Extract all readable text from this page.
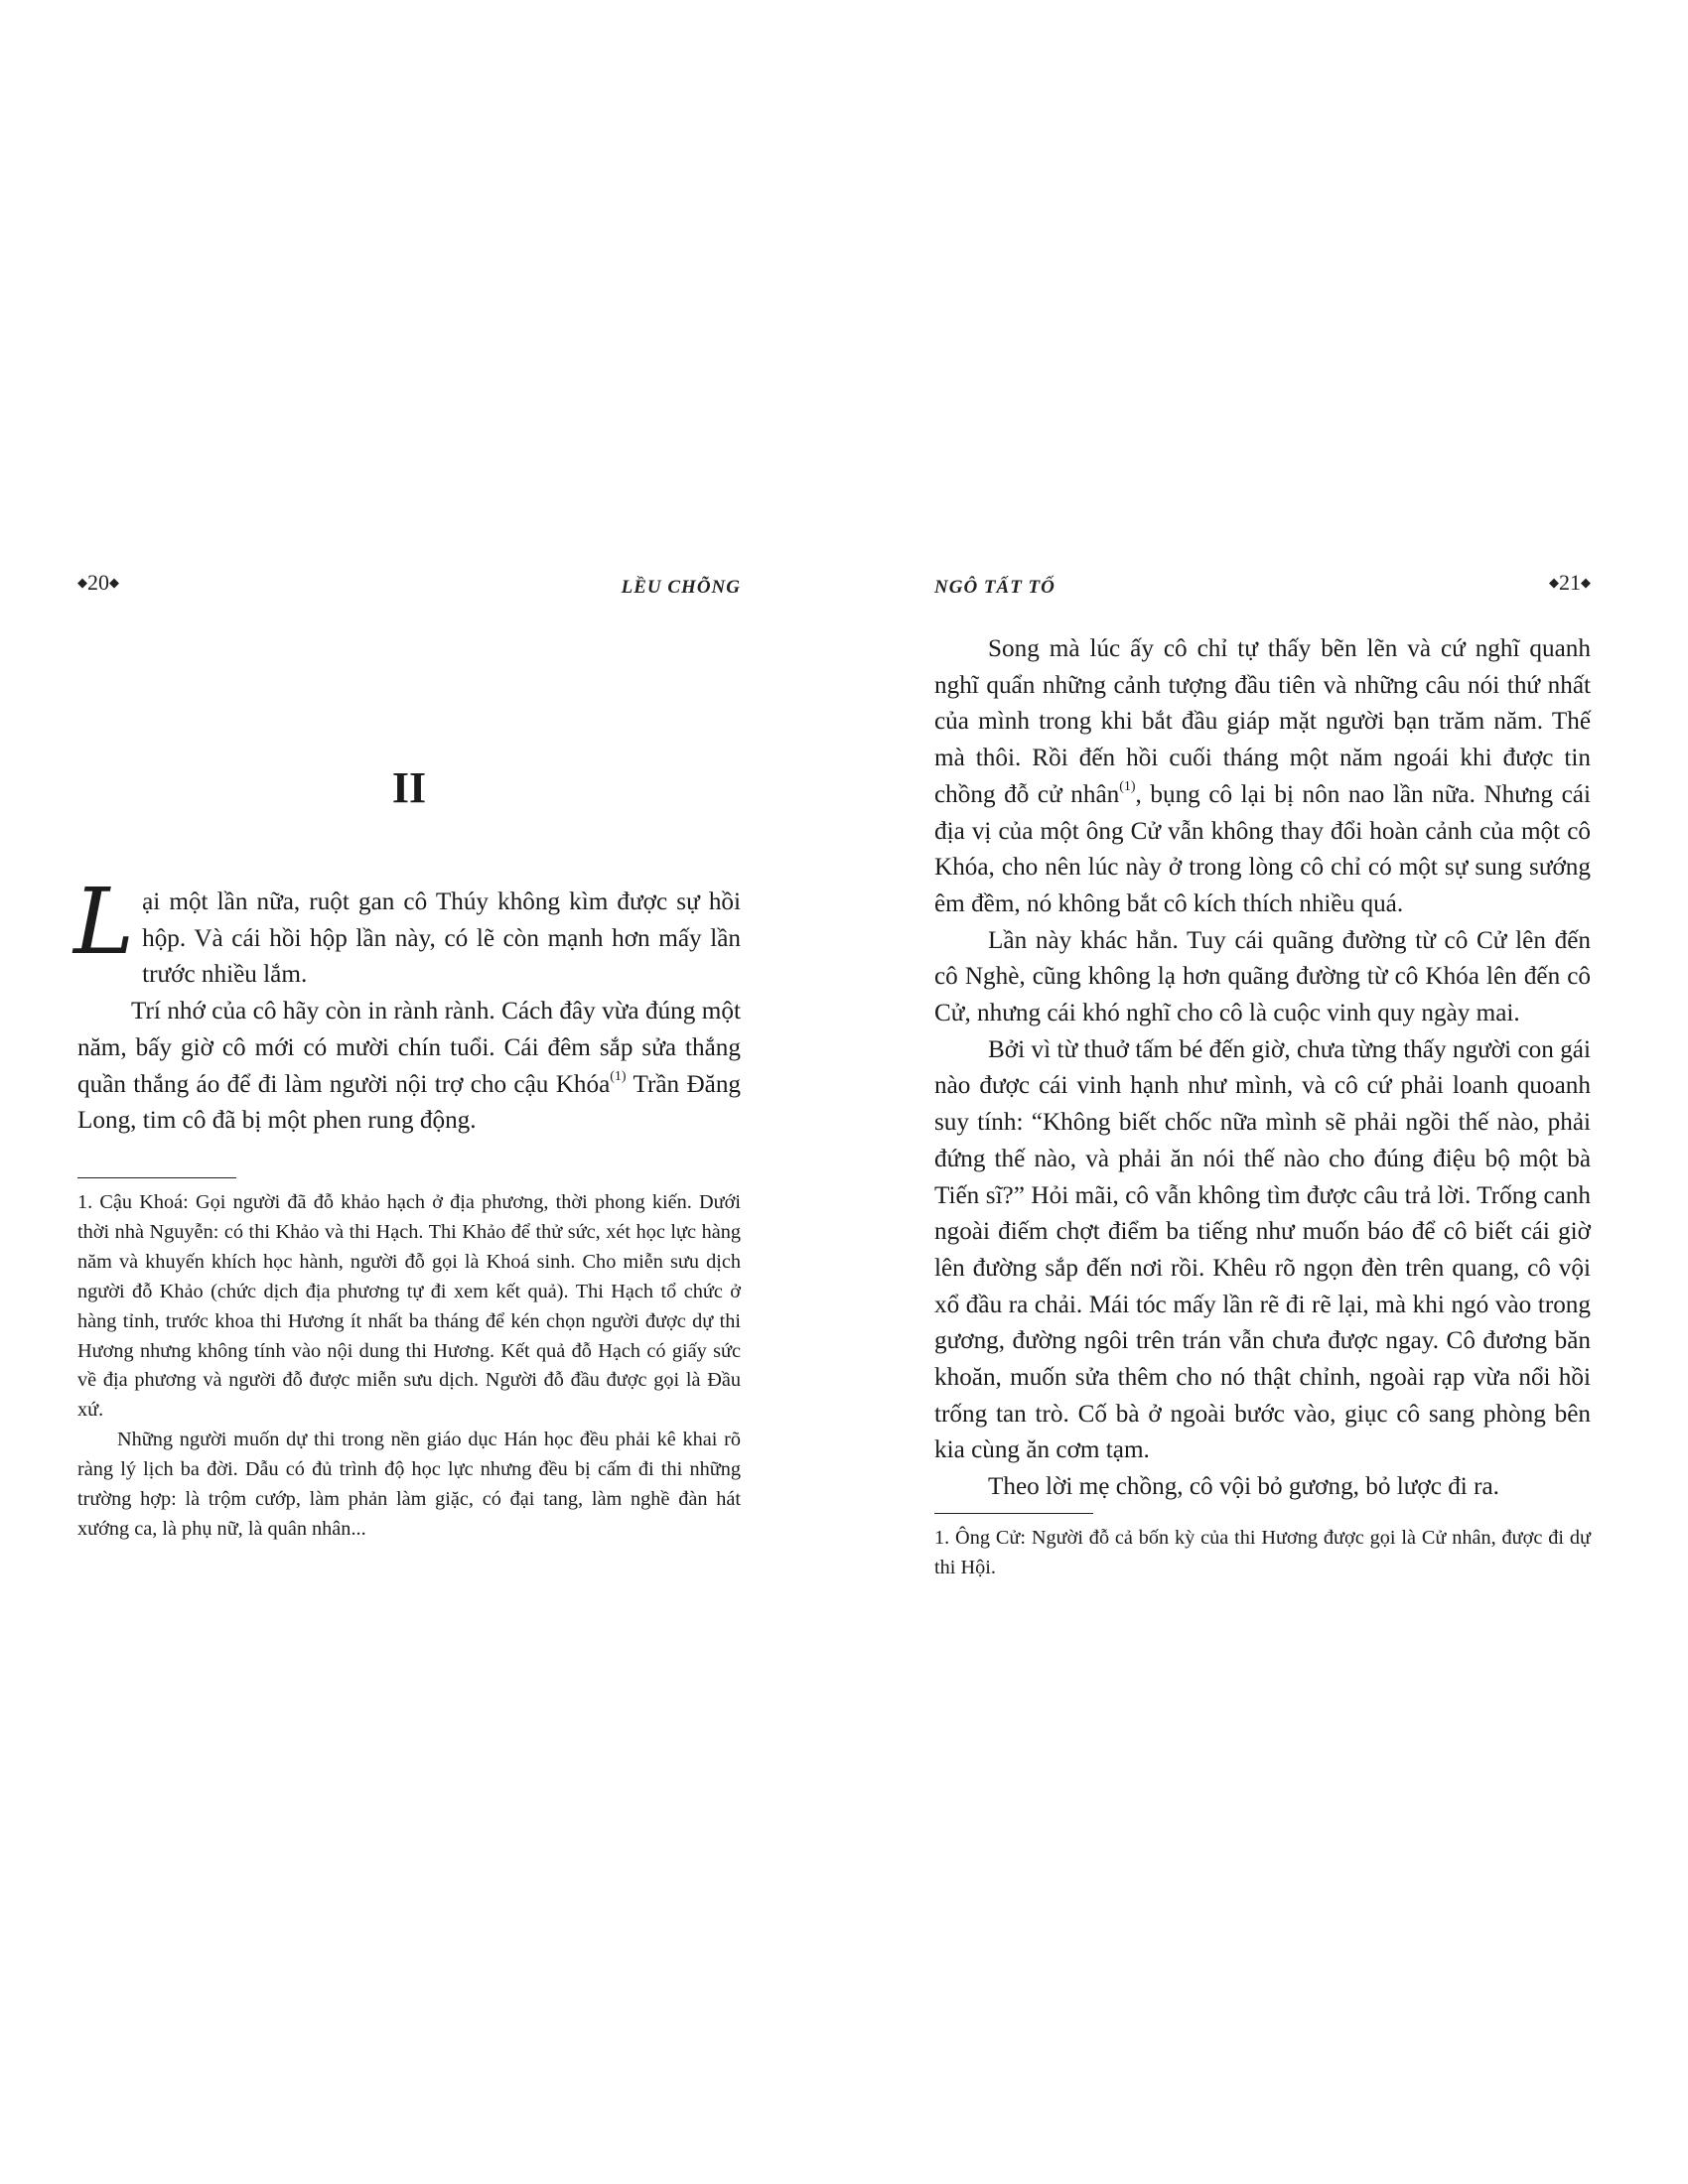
◆20◆	LỀU CHÕNG
II

Lại một lần nữa, ruột gan cô Thúy không kìm được sự hồi hộp. Và cái hồi hộp lần này, có lẽ còn mạnh hơn mấy lần trước nhiều lắm.

Trí nhớ của cô hãy còn in rành rành. Cách đây vừa đúng một năm, bấy giờ cô mới có mười chín tuổi. Cái đêm sắp sửa thắng quần thắng áo để đi làm người nội trợ cho cậu Khóa$^{(1)}$ Trần Đăng Long, tim cô đã bị một phen rung động.

1. Cậu Khoá: Gọi người đã đỗ khảo hạch ở địa phương, thời phong kiến. Dưới thời nhà Nguyễn: có thi Khảo và thi Hạch. Thi Khảo để thử sức, xét học lực hàng năm và khuyến khích học hành, người đỗ gọi là Khoá sinh. Cho miễn sưu dịch người đỗ Khảo (chức dịch địa phương tự đi xem kết quả). Thi Hạch tổ chức ở hàng tỉnh, trước khoa thi Hương ít nhất ba tháng để kén chọn người được dự thi Hương nhưng không tính vào nội dung thi Hương. Kết quả đỗ Hạch có giấy sức về địa phương và người đỗ được miễn sưu dịch. Người đỗ đầu được gọi là Đầu xứ.

Những người muốn dự thi trong nền giáo dục Hán học đều phải kê khai rõ ràng lý lịch ba đời. Dẫu có đủ trình độ học lực nhưng đều bị cấm đi thi những trường hợp: là trộm cướp, làm phản làm giặc, có đại tang, làm nghề đàn hát xướng ca, là phụ nữ, là quân nhân...

NGÔ TẤT TỐ	◆21◆

Song mà lúc ấy cô chỉ tự thấy bẽn lẽn và cứ nghĩ quanh nghĩ quẩn những cảnh tượng đầu tiên và những câu nói thứ nhất của mình trong khi bắt đầu giáp mặt người bạn trăm năm. Thế mà thôi. Rồi đến hồi cuối tháng một năm ngoái khi được tin chồng đỗ cử nhân$^{(1)}$, bụng cô lại bị nôn nao lần nữa. Nhưng cái địa vị của một ông Cử vẫn không thay đổi hoàn cảnh của một cô Khóa, cho nên lúc này ở trong lòng cô chỉ có một sự sung sướng êm đềm, nó không bắt cô kích thích nhiều quá.

Lần này khác hẳn. Tuy cái quãng đường từ cô Cử lên đến cô Nghè, cũng không lạ hơn quãng đường từ cô Khóa lên đến cô Cử, nhưng cái khó nghĩ cho cô là cuộc vinh quy ngày mai.

Bởi vì từ thuở tấm bé đến giờ, chưa từng thấy người con gái nào được cái vinh hạnh như mình, và cô cứ phải loanh quoanh suy tính: “Không biết chốc nữa mình sẽ phải ngồi thế nào, phải đứng thế nào, và phải ăn nói thế nào cho đúng điệu bộ một bà Tiến sĩ?” Hỏi mãi, cô vẫn không tìm được câu trả lời. Trống canh ngoài điếm chợt điểm ba tiếng như muốn báo để cô biết cái giờ lên đường sắp đến nơi rồi. Khêu rõ ngọn đèn trên quang, cô vội xổ đầu ra chải. Mái tóc mấy lần rẽ đi rẽ lại, mà khi ngó vào trong gương, đường ngôi trên trán vẫn chưa được ngay. Cô đương băn khoăn, muốn sửa thêm cho nó thật chỉnh, ngoài rạp vừa nổi hồi trống tan trò. Cố bà ở ngoài bước vào, giục cô sang phòng bên kia cùng ăn cơm tạm.

Theo lời mẹ chồng, cô vội bỏ gương, bỏ lược đi ra.

1. Ông Cử: Người đỗ cả bốn kỳ của thi Hương được gọi là Cử nhân, được đi dự thi Hội.
